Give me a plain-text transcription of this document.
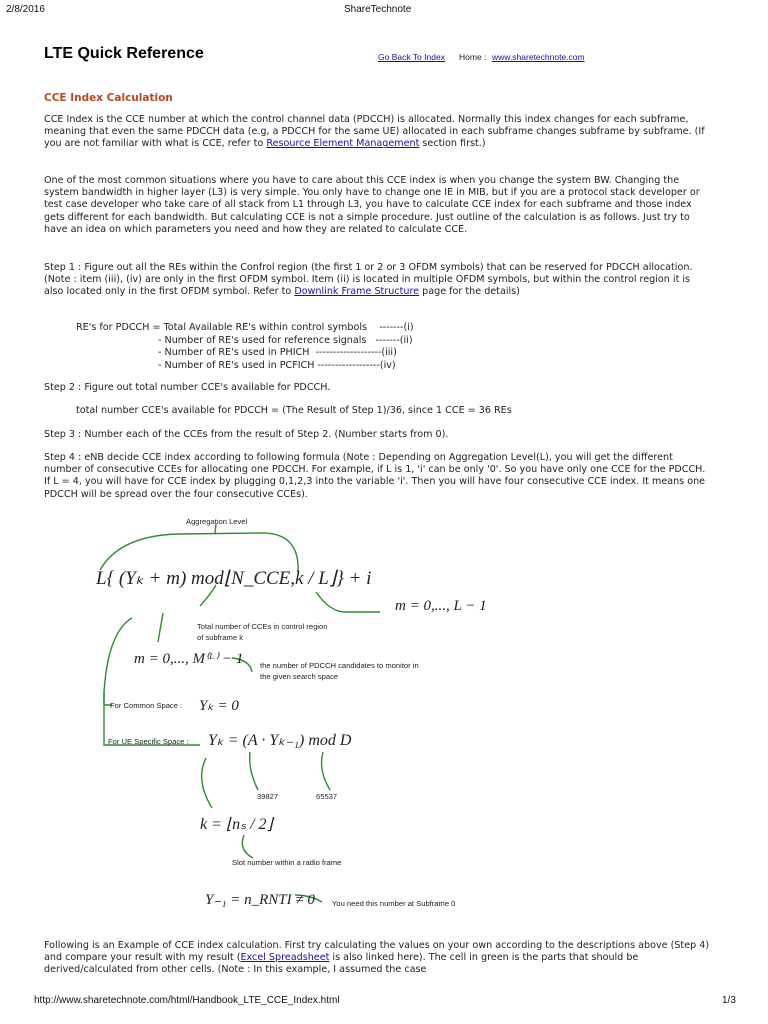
2/8/2016	ShareTechnote
LTE Quick Reference	Go Back To Index Home : www.sharetechnote.com
CCE Index Calculation
CCE Index is the CCE number at which the control channel data (PDCCH) is allocated. Normally this index changes for each subframe, meaning that even the same PDCCH data (e.g, a PDCCH for the same UE) allocated in each subframe changes subframe by subframe. (If you are not familiar with what is CCE, refer to Resource Element Management section first.)
One of the most common situations where you have to care about this CCE index is when you change the system BW. Changing the system bandwidth in higher layer (L3) is very simple. You only have to change one IE in MIB, but if you are a protocol stack developer or test case developer who take care of all stack from L1 through L3, you have to calculate CCE index for each subframe and those index gets different for each bandwidth. But calculating CCE is not a simple procedure. Just outline of the calculation is as follows. Just try to have an idea on which parameters you need and how they are related to calculate CCE.
Step 1 : Figure out all the REs within the Confrol region (the first 1 or 2 or 3 OFDM symbols) that can be reserved for PDCCH allocation. (Note : item (iii), (iv) are only in the first OFDM symbol. Item (ii) is located in multiple OFDM symbols, but within the control region it is also located only in the first OFDM symbol. Refer to Downlink Frame Structure page for the details)
RE's for PDCCH = Total Available RE's within control symbols    -------(i)
- Number of RE's used for reference signals   -------(ii)
- Number of RE's used in PHICH  -------------------(iii)
- Number of RE's used in PCFICH ------------------(iv)
Step 2 : Figure out total number CCE's available for PDCCH.
total number CCE's available for PDCCH = (The Result of Step 1)/36, since 1 CCE = 36 REs
Step 3 : Number each of the CCEs from the result of Step 2. (Number starts from 0).
Step 4 : eNB decide CCE index according to following formula (Note : Depending on Aggregation Level(L), you will get the different number of consecutive CCEs for allocating one PDCCH. For example, if L is 1, 'i' can be only '0'. So you have only one CCE for the PDCCH. If L = 4, you will have for CCE index by plugging 0,1,2,3 into the variable 'i'. Then you will have four consecutive CCE index. It means one PDCCH will be spread over the four consecutive CCEs).
Aggregation Level
L{ (Yₖ + m) mod⌊N_CCE,k / L⌋} + i
m = 0,..., L − 1
Total number of CCEs in control region
of subframe k
m = 0,..., M⁽ᴸ⁾ − 1 the number of PDCCH candidates to monitor in
the given search space
For Common Space : Yₖ = 0
For UE Specific Space : Yₖ = (A · Yₖ₋₁) mod D
39827	65537
k = ⌊nₛ / 2⌋
Slot number within a radio frame
Y₋₁ = n_RNTI ≠ 0 You need this number at Subframe 0
Following is an Example of CCE index calculation. First try calculating the values on your own according to the descriptions above (Step 4) and compare your result with my result (Excel Spreadsheet is also linked here). The cell in green is the parts that should be derived/calculated from other cells. (Note : In this example, I assumed the case
http://www.sharetechnote.com/html/Handbook_LTE_CCE_Index.html	1/3
